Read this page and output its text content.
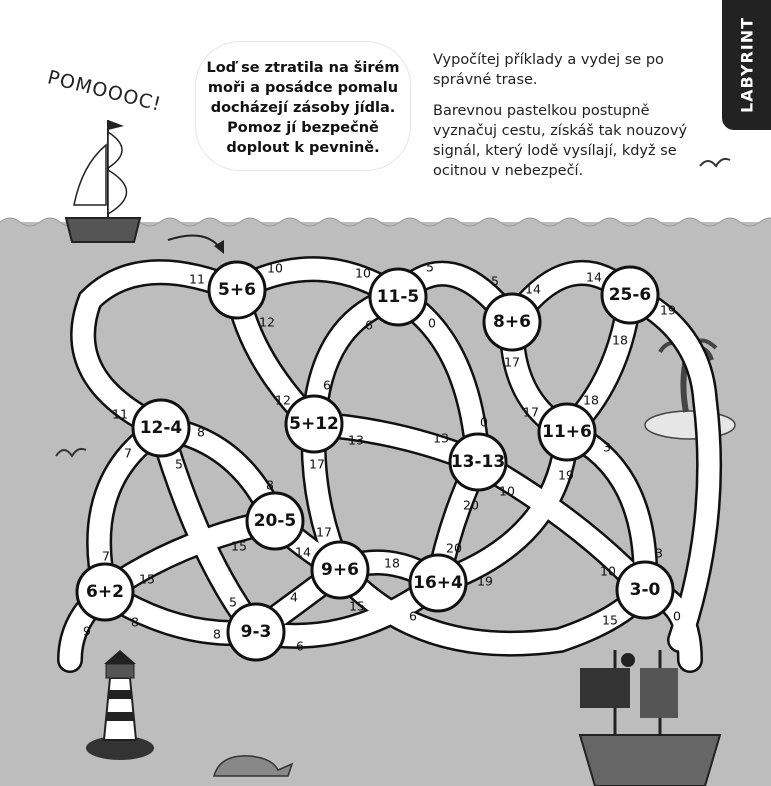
LABYRINT
POMOOOC!	Loď se ztratila na širém
moři a posádce pomalu
docházejí zásoby jídla.
Pomoz jí bezpečně
doplout k pevnině.

Vypočítej příklady a vydej se po správné trase.

Barevnou pastelkou postupně vyznačuj cestu, získáš tak nouzový signál, který lodě vysílají, když se ocitnou v nebezpečí.

5+6	11-5
8+6
25-6
12-4	5+12
13-13
11+6
20-5
9+6
16+4	3-0
6+2
9-3
11
10
12
10	5
6	0
5
14
14
19
17
18
17
18
12
6
0
13	13
11
8
7
5
8
15	14
17
17
18
19
20
20
10
3
19
10
3
7
15
9
8
5	4
15
6
8
6	15	0
